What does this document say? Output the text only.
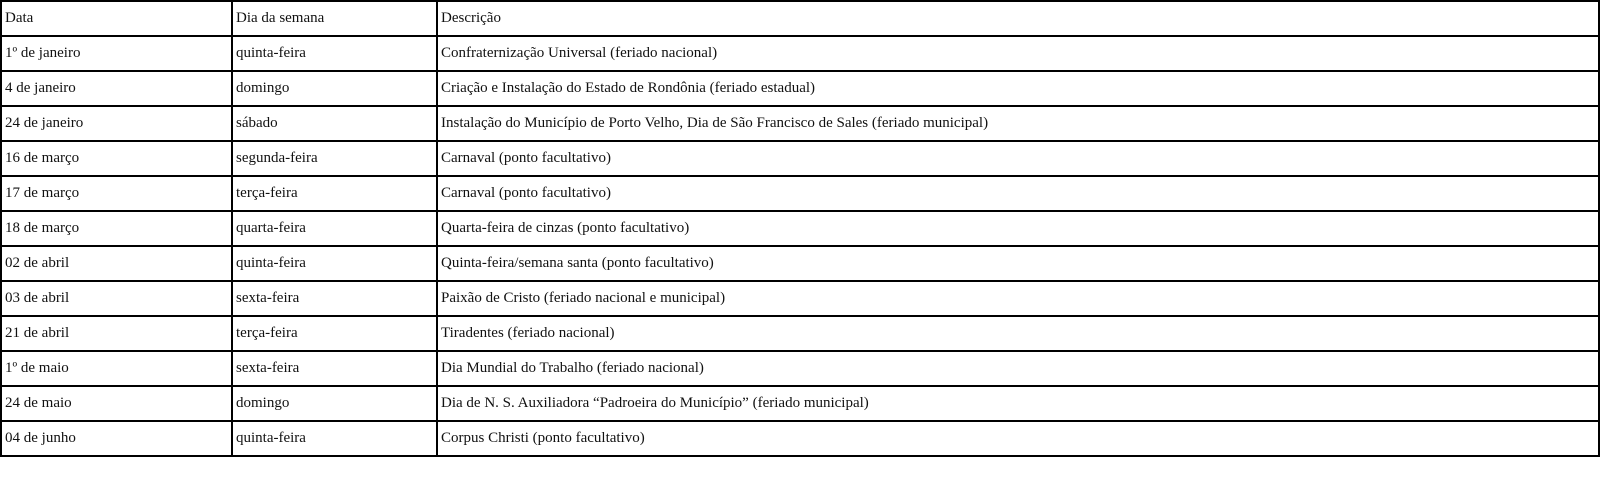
Data	Dia da semana	Descrição
1º de janeiro	quinta-feira	Confraternização Universal (feriado nacional)
4 de janeiro	domingo	Criação e Instalação do Estado de Rondônia (feriado estadual)
24 de janeiro	sábado	Instalação do Município de Porto Velho, Dia de São Francisco de Sales (feriado municipal)
16 de março	segunda-feira	Carnaval (ponto facultativo)
17 de março	terça-feira	Carnaval (ponto facultativo)
18 de março	quarta-feira	Quarta-feira de cinzas (ponto facultativo)
02 de abril	quinta-feira	Quinta-feira/semana santa (ponto facultativo)
03 de abril	sexta-feira	Paixão de Cristo (feriado nacional e municipal)
21 de abril	terça-feira	Tiradentes (feriado nacional)
1º de maio	sexta-feira	Dia Mundial do Trabalho (feriado nacional)
24 de maio	domingo	Dia de N. S. Auxiliadora “Padroeira do Município” (feriado municipal)
04 de junho	quinta-feira	Corpus Christi (ponto facultativo)
